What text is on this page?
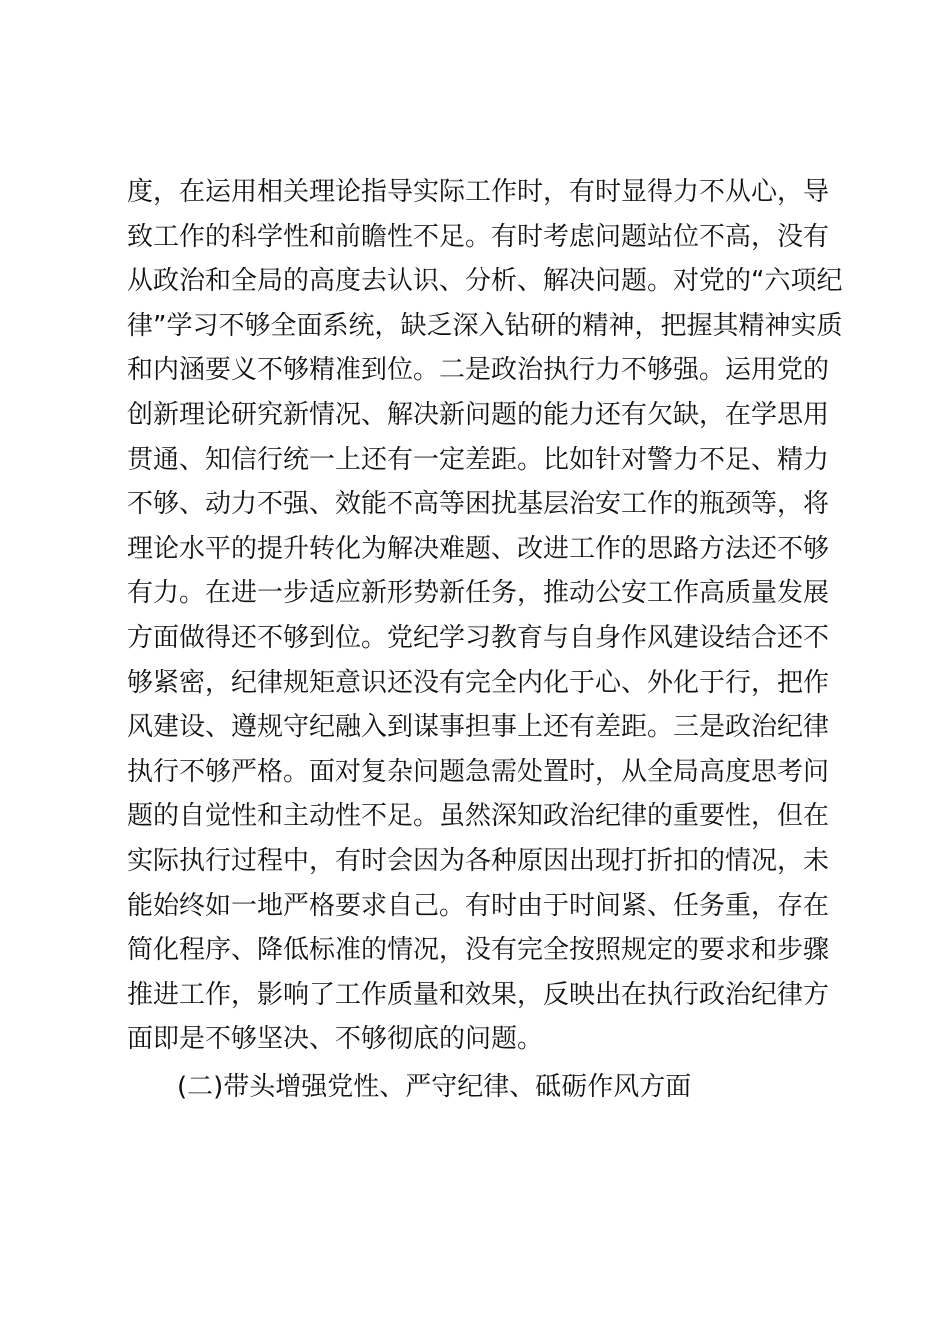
度，在运用相关理论指导实际工作时，有时显得力不从心，导
致工作的科学性和前瞻性不足。有时考虑问题站位不高，没有
从政治和全局的高度去认识、分析、解决问题。对党的“六项纪
律”学习不够全面系统，缺乏深入钻研的精神，把握其精神实质
和内涵要义不够精准到位。二是政治执行力不够强。运用党的
创新理论研究新情况、解决新问题的能力还有欠缺，在学思用
贯通、知信行统一上还有一定差距。比如针对警力不足、精力
不够、动力不强、效能不高等困扰基层治安工作的瓶颈等，将
理论水平的提升转化为解决难题、改进工作的思路方法还不够
有力。在进一步适应新形势新任务，推动公安工作高质量发展
方面做得还不够到位。党纪学习教育与自身作风建设结合还不
够紧密，纪律规矩意识还没有完全内化于心、外化于行，把作
风建设、遵规守纪融入到谋事担事上还有差距。三是政治纪律
执行不够严格。面对复杂问题急需处置时，从全局高度思考问
题的自觉性和主动性不足。虽然深知政治纪律的重要性，但在
实际执行过程中，有时会因为各种原因出现打折扣的情况，未
能始终如一地严格要求自己。有时由于时间紧、任务重，存在
简化程序、降低标准的情况，没有完全按照规定的要求和步骤
推进工作，影响了工作质量和效果，反映出在执行政治纪律方
面即是不够坚决、不够彻底的问题。
(二)带头增强党性、严守纪律、砥砺作风方面
